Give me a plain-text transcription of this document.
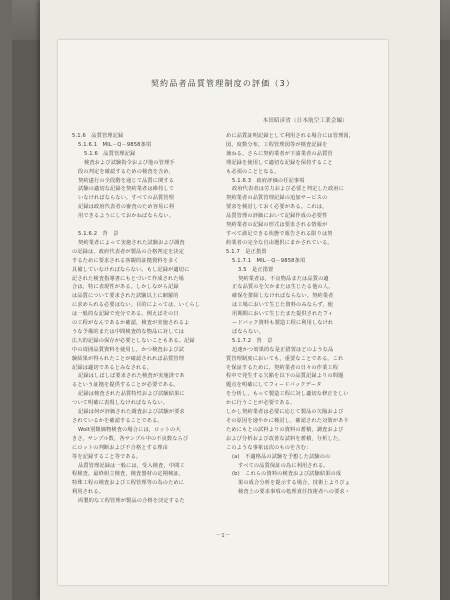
契約品者品質管理制度の評価（3）
本田昭彦省（日本航空工業会編）
5.1.6　品質管理記録
5.1.6.1　MIL－Q－9858条項
5.1.6　品質管理記録
検査および試験指令および他の管理手
段の判定を確認するための検査を含め，
契約遂行の全段階を通じて品質に関する
試験の適切な記録を契約業者は維持して
いなければならない。すべての品質管理
記録は政府代表者の審査のため容易に利
用できるようにしておかねばならない。

5.1.6.2　背　景
契約業者によって実施された試験および調査
の記録は，政府代表者が製品の合格判定を決定
するために要求される客観的証拠資料を多く
具備していなければならない。もし記録が適切に
記された検査指導書にもとづいて作成された場
合は，特に表現性がある。しかしながら記録
は品質について要求された試験以上に網羅的
に求められる必要はない。目的によっては，いくらし
は一般的な記録で充分である。例えばその日
の工程がなんであるか確認，検査が実施されるよ
うな予備的または中間検査的な物品に対しては
広大的記録の保存が必要としないこともある。記録
中の周囲品質資料を使用し，かつ検査および試
験結果が得られたことが確認されれば品質管理
記録は適切であるとみなされる。
記録はしばしば要求された検査が実施済であ
るという証拠を提供することが必要である。
記録は検査された品質特性および試験結果に
ついて明確に表現しなければならない。
記録は何が評価された調査および試験が要求
されているかを確認することである。
Wolt別類価物検査の場合には，ロットの大
きさ，サンプル数，各サンプル中の不良数ならび
にロットの判断および不合格とする理由
等を記録すること等である。
品質管理記録は一般には，受入検査，中間工
程検査，最終組立検査，検査器材の定期検証，
特殊工程の検査および工程管理等の為のために
利用される。
両製的な工程管理が製品の合格を決定するた
めに品質証明記録として利用される場合には管理図，
図，度数分布，工程管理図等が検査記録を
兼ねる。さらに契約業者が下請業者の品質管
理記録を使用して適切な記録を保持すること
も必須のこととなる。
5.1.6.3　政府評価の任記事項
政府代表者は労力および必要と判定した政府に
契約業者の品質管理記録の追加サービスの
要求を検討しておく必要がある。これは，
品質管理の評価において記録作成の必要性
契約業者の記録の形式は要求される情報が
すべて満足できる状態で報告される限りは契
約業者の完全な自由選択にまかされている。
5.1.7　是正措置
5.1.7.1　MIL－Q－9858条項
3.5　是正措置
契約業者は，不良物品または品質の適
正な品質のを欠かまたは生じたる他の人。
確保を排除しなければならない。契約業者
は工場において生じた資料のみならず，使
用期間において生じたまた提供されたフィ
ードバック資料も製造工程に利用しなけれ
ばならない。
5.1.7.2　背　景
迅速かつ効果的な是正措置はどのような品
質管理制度においても，重要なことである。これ
を保証するために，契約業者の日々の作業工程
程中で発生する欠陥を以下の品質記録よりの問題
題点を明確にしてフィードバックデータ
を分析し，もって製造工程に対し適切な修正をしい
かに行うことが必要である。
しかし契約業者は必要に応じて製品の欠陥および
その原因を速やかに検討し，確認された対策があり
ためにもとの試料よりの資料の蓄積，調査および
および分析および改善な試料を蓄積，分析した，
このような事象は次のものを含む：
(a)　不適格品の試験を予想した試験のの
すべての品質保証の為に利用される。
(b)　これらの資料の検査および試験結果の成
果の成合分析を提示する場合，技術上よりびょ
検査上の要求事項の処理責任技術者への要求・
－1－
